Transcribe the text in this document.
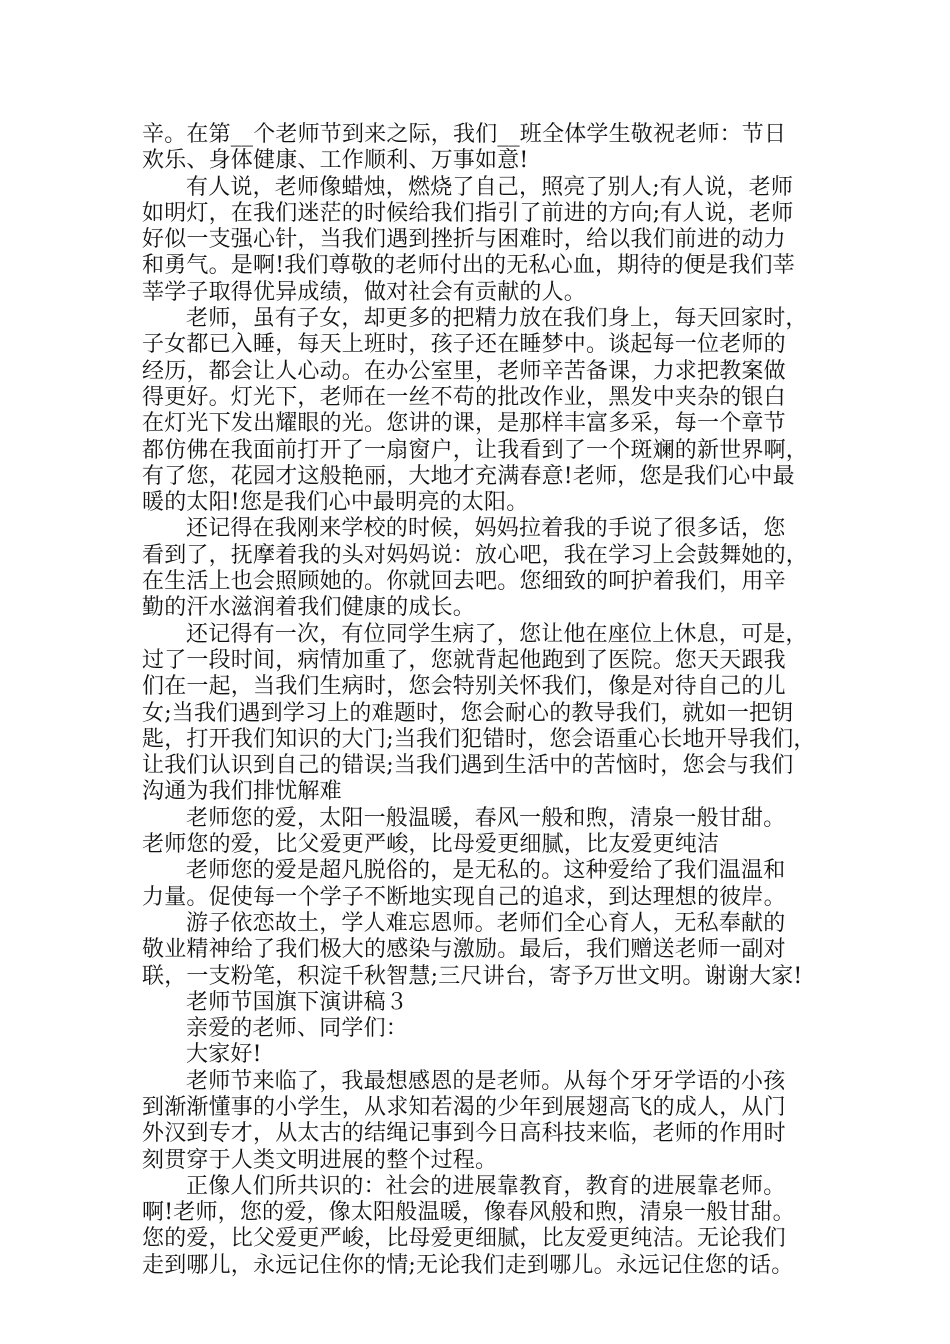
辛。在第__个老师节到来之际，我们__班全体学生敬祝老师：节日
欢乐、身体健康、工作顺利、万事如意!
有人说，老师像蜡烛，燃烧了自己，照亮了别人;有人说，老师
如明灯，在我们迷茫的时候给我们指引了前进的方向;有人说，老师
好似一支强心针，当我们遇到挫折与困难时，给以我们前进的动力
和勇气。是啊!我们尊敬的老师付出的无私心血，期待的便是我们莘
莘学子取得优异成绩，做对社会有贡献的人。
老师，虽有子女，却更多的把精力放在我们身上，每天回家时，
子女都已入睡，每天上班时，孩子还在睡梦中。谈起每一位老师的
经历，都会让人心动。在办公室里，老师辛苦备课，力求把教案做
得更好。灯光下，老师在一丝不苟的批改作业，黑发中夹杂的银白
在灯光下发出耀眼的光。您讲的课，是那样丰富多采，每一个章节
都仿佛在我面前打开了一扇窗户，让我看到了一个斑斓的新世界啊，
有了您，花园才这般艳丽，大地才充满春意!老师，您是我们心中最
暖的太阳!您是我们心中最明亮的太阳。
还记得在我刚来学校的时候，妈妈拉着我的手说了很多话，您
看到了，抚摩着我的头对妈妈说：放心吧，我在学习上会鼓舞她的，
在生活上也会照顾她的。你就回去吧。您细致的呵护着我们，用辛
勤的汗水滋润着我们健康的成长。
还记得有一次，有位同学生病了，您让他在座位上休息，可是，
过了一段时间，病情加重了，您就背起他跑到了医院。您天天跟我
们在一起，当我们生病时，您会特别关怀我们，像是对待自己的儿
女;当我们遇到学习上的难题时，您会耐心的教导我们，就如一把钥
匙，打开我们知识的大门;当我们犯错时，您会语重心长地开导我们，
让我们认识到自己的错误;当我们遇到生活中的苦恼时，您会与我们
沟通为我们排忧解难
老师您的爱，太阳一般温暖，春风一般和煦，清泉一般甘甜。
老师您的爱，比父爱更严峻，比母爱更细腻，比友爱更纯洁
老师您的爱是超凡脱俗的，是无私的。这种爱给了我们温温和
力量。促使每一个学子不断地实现自己的追求，到达理想的彼岸。
游子依恋故土，学人难忘恩师。老师们全心育人，无私奉献的
敬业精神给了我们极大的感染与激励。最后，我们赠送老师一副对
联，一支粉笔，积淀千秋智慧;三尺讲台，寄予万世文明。谢谢大家!
老师节国旗下演讲稿３
亲爱的老师、同学们：
大家好!
老师节来临了，我最想感恩的是老师。从每个牙牙学语的小孩
到渐渐懂事的小学生，从求知若渴的少年到展翅高飞的成人，从门
外汉到专才，从太古的结绳记事到今日高科技来临，老师的作用时
刻贯穿于人类文明进展的整个过程。
正像人们所共识的：社会的进展靠教育，教育的进展靠老师。
啊!老师，您的爱，像太阳般温暖，像春风般和煦，清泉一般甘甜。
您的爱，比父爱更严峻，比母爱更细腻，比友爱更纯洁。无论我们
走到哪儿，永远记住你的情;无论我们走到哪儿。永远记住您的话。
